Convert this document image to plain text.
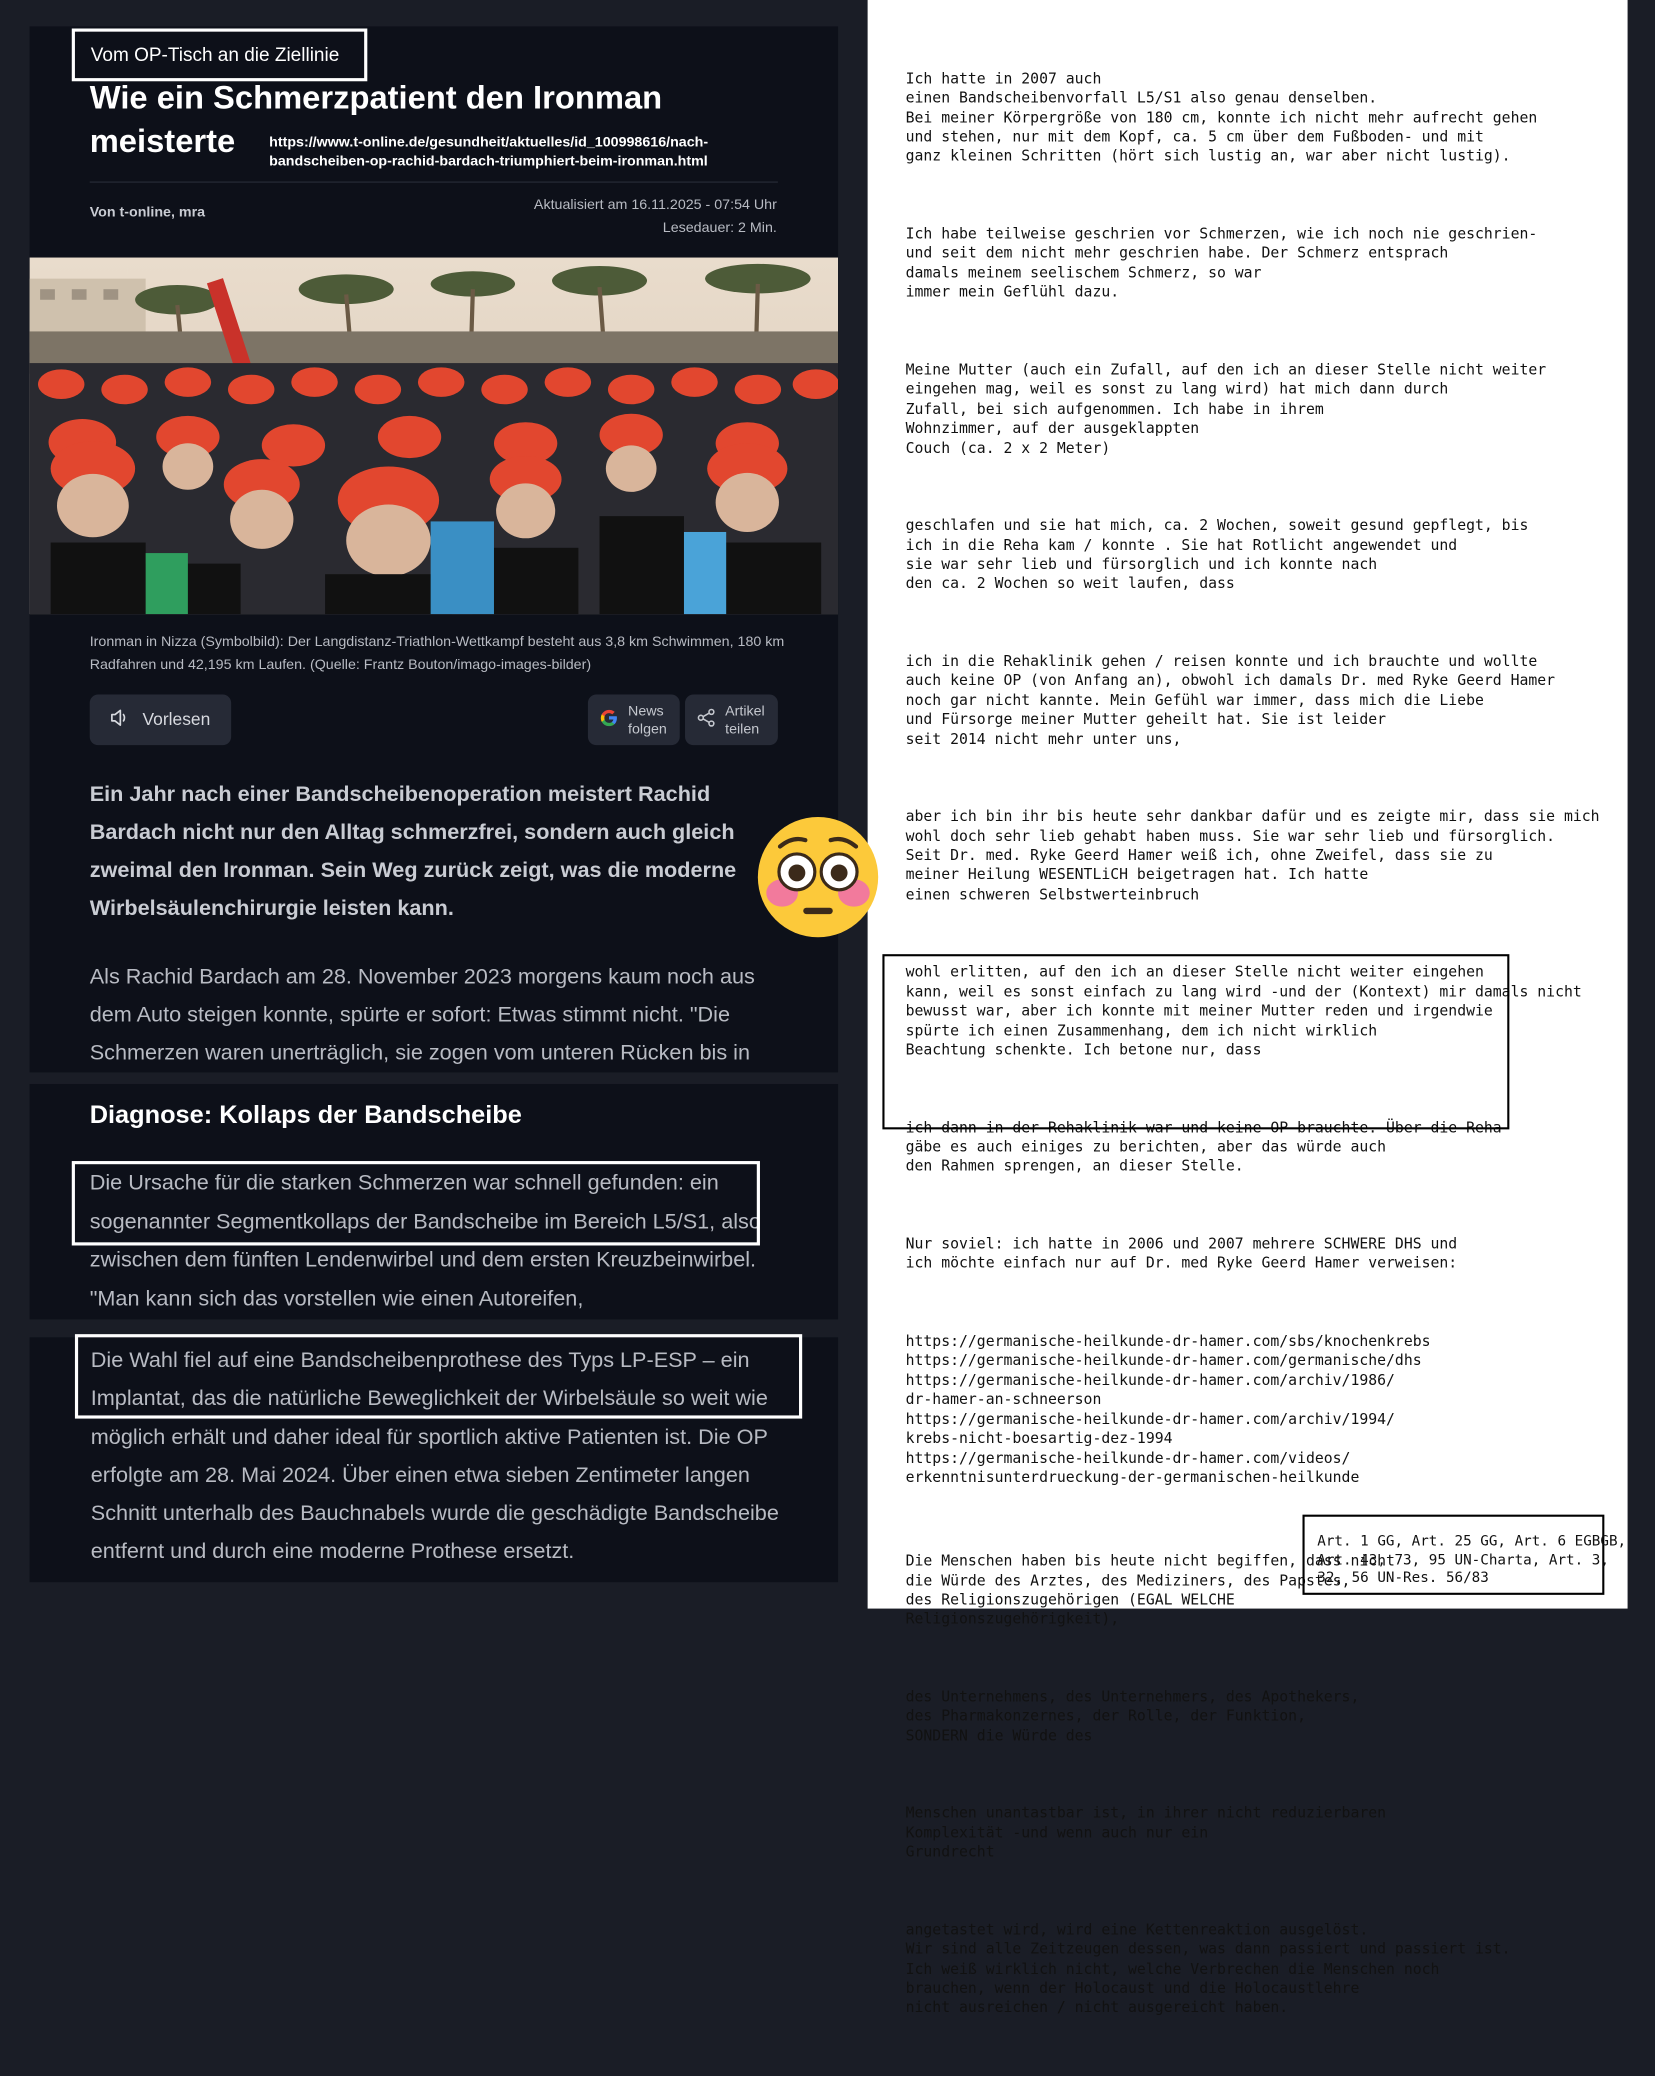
Vom OP-Tisch an die Ziellinie
Wie ein Schmerzpatient den Ironman meisterte	https://www.t-online.de/gesundheit/aktuelles/id_100998616/nach-bandscheiben-op-rachid-bardach-triumphiert-beim-ironman.html
Von t-online, mra	Aktualisiert am 16.11.2025 - 07:54 Uhr
Lesedauer: 2 Min.
Ironman in Nizza (Symbolbild): Der Langdistanz-Triathlon-Wettkampf besteht aus 3,8 km Schwimmen, 180 km Radfahren und 42,195 km Laufen. (Quelle: Frantz Bouton/imago-images-bilder)
Vorlesen	News folgen
Artikel teilen
Ein Jahr nach einer Bandscheibenoperation meistert Rachid Bardach nicht nur den Alltag schmerzfrei, sondern auch gleich zweimal den Ironman. Sein Weg zurück zeigt, was die moderne Wirbelsäulenchirurgie leisten kann.
Als Rachid Bardach am 28. November 2023 morgens kaum noch aus dem Auto steigen konnte, spürte er sofort: Etwas stimmt nicht. "Die Schmerzen waren unerträglich, sie zogen vom unteren Rücken bis in
Diagnose: Kollaps der Bandscheibe
Die Ursache für die starken Schmerzen war schnell gefunden: ein sogenannter Segmentkollaps der Bandscheibe im Bereich L5/S1, also zwischen dem fünften Lendenwirbel und dem ersten Kreuzbeinwirbel. "Man kann sich das vorstellen wie einen Autoreifen,
Die Wahl fiel auf eine Bandscheibenprothese des Typs LP-ESP – ein Implantat, das die natürliche Beweglichkeit der Wirbelsäule so weit wie möglich erhält und daher ideal für sportlich aktive Patienten ist. Die OP erfolgte am 28. Mai 2024. Über einen etwa sieben Zentimeter langen Schnitt unterhalb des Bauchnabels wurde die geschädigte Bandscheibe entfernt und durch eine moderne Prothese ersetzt.

Ich hatte in 2007 auch
einen Bandscheibenvorfall L5/S1 also genau denselben.
Bei meiner Körpergröße von 180 cm, konnte ich nicht mehr aufrecht gehen
und stehen, nur mit dem Kopf, ca. 5 cm über dem Fußboden- und mit
ganz kleinen Schritten (hört sich lustig an, war aber nicht lustig).

Ich habe teilweise geschrien vor Schmerzen, wie ich noch nie geschrien-
und seit dem nicht mehr geschrien habe. Der Schmerz entsprach
damals meinem seelischem Schmerz, so war
immer mein Geflühl dazu.

Meine Mutter (auch ein Zufall, auf den ich an dieser Stelle nicht weiter
eingehen mag, weil es sonst zu lang wird) hat mich dann durch
Zufall, bei sich aufgenommen. Ich habe in ihrem
Wohnzimmer, auf der ausgeklappten
Couch (ca. 2 x 2 Meter)

geschlafen und sie hat mich, ca. 2 Wochen, soweit gesund gepflegt, bis
ich in die Reha kam / konnte . Sie hat Rotlicht angewendet und
sie war sehr lieb und fürsorglich und ich konnte nach
den ca. 2 Wochen so weit laufen, dass

ich in die Rehaklinik gehen / reisen konnte und ich brauchte und wollte
auch keine OP (von Anfang an), obwohl ich damals Dr. med Ryke Geerd Hamer
noch gar nicht kannte. Mein Gefühl war immer, dass mich die Liebe
und Fürsorge meiner Mutter geheilt hat. Sie ist leider
seit 2014 nicht mehr unter uns,

aber ich bin ihr bis heute sehr dankbar dafür und es zeigte mir, dass sie mich
wohl doch sehr lieb gehabt haben muss. Sie war sehr lieb und fürsorglich.
Seit Dr. med. Ryke Geerd Hamer weiß ich, ohne Zweifel, dass sie zu
meiner Heilung WESENTLiCH beigetragen hat. Ich hatte
einen schweren Selbstwerteinbruch

wohl erlitten, auf den ich an dieser Stelle nicht weiter eingehen
kann, weil es sonst einfach zu lang wird -und der (Kontext) mir damals nicht
bewusst war, aber ich konnte mit meiner Mutter reden und irgendwie
spürte ich einen Zusammenhang, dem ich nicht wirklich
Beachtung schenkte. Ich betone nur, dass

ich dann in der Rehaklinik war und keine OP brauchte. Über die Reha
gäbe es auch einiges zu berichten, aber das würde auch
den Rahmen sprengen, an dieser Stelle.

Nur soviel: ich hatte in 2006 und 2007 mehrere SCHWERE DHS und
ich möchte einfach nur auf Dr. med Ryke Geerd Hamer verweisen:

https://germanische-heilkunde-dr-hamer.com/sbs/knochenkrebs
https://germanische-heilkunde-dr-hamer.com/germanische/dhs
https://germanische-heilkunde-dr-hamer.com/archiv/1986/
dr-hamer-an-schneerson
https://germanische-heilkunde-dr-hamer.com/archiv/1994/
krebs-nicht-boesartig-dez-1994
https://germanische-heilkunde-dr-hamer.com/videos/
erkenntnisunterdrueckung-der-germanischen-heilkunde

Die Menschen haben bis heute nicht begiffen, dass nicht
die Würde des Arztes, des Mediziners, des Papstes,
des Religionszugehörigen (EGAL WELCHE
Religionszugehörigkeit),

des Unternehmens, des Unternehmers, des Apothekers,
des Pharmakonzernes, der Rolle, der Funktion,
SONDERN die Würde des

Menschen unantastbar ist, in ihrer nicht reduzierbaren
Komplexität -und wenn auch nur ein
Grundrecht

angetastet wird, wird eine Kettenreaktion ausgelöst.
Wir sind alle Zeitzeugen dessen, was dann passiert und passiert ist.
Ich weiß wirklich nicht, welche Verbrechen die Menschen noch
brauchen, wenn der Holocaust und die Holocaustlehre
nicht ausreichen / nicht ausgereicht haben.

Art. 1 GG, Art. 25 GG, Art. 6 EGBGB,
Art. 43, 73, 95 UN-Charta, Art. 3,
32, 56 UN-Res. 56/83
